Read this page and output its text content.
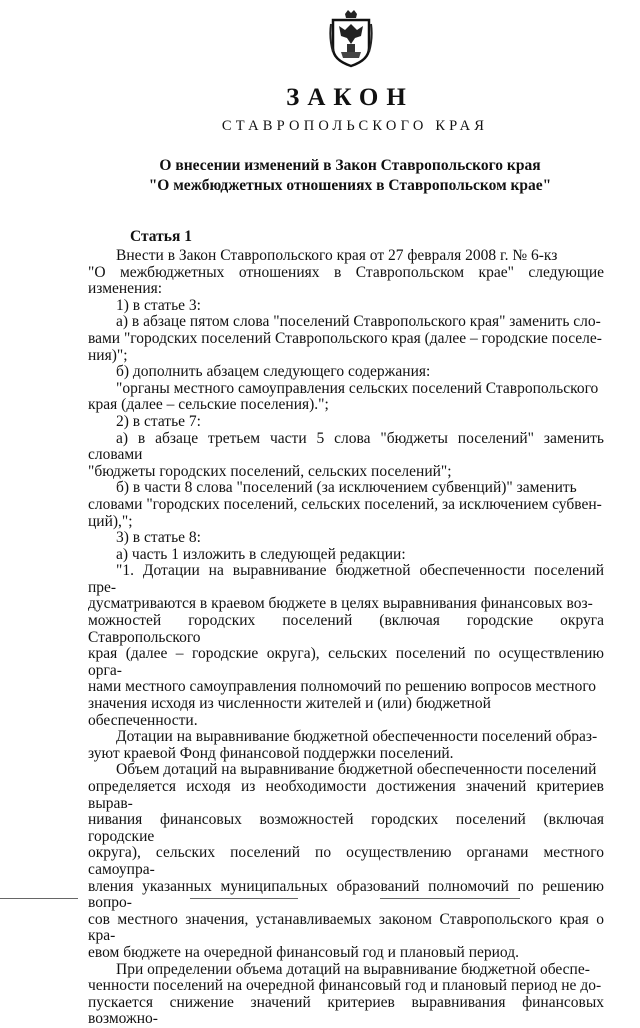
ЗАКОН
СТАВРОПОЛЬСКОГО КРАЯ
О внесении изменений в Закон Ставропольского края
"О межбюджетных отношениях в Ставропольском крае"
Статья 1

Внести в Закон Ставропольского края от 27 февраля 2008 г. № 6-кз

"О межбюджетных отношениях в Ставропольском крае" следующие изменения:

1) в статье 3:

а) в абзаце пятом слова "поселений Ставропольского края" заменить сло-

вами "городских поселений Ставропольского края (далее – городские поселе-

ния)";

б) дополнить абзацем следующего содержания:

"органы местного самоуправления сельских поселений Ставропольского

края (далее – сельские поселения).";

2) в статье 7:

а) в абзаце третьем части 5 слова "бюджеты поселений" заменить словами

"бюджеты городских поселений, сельских поселений";

б) в части 8 слова "поселений (за исключением субвенций)" заменить

словами "городских поселений, сельских поселений, за исключением субвен-

ций),";

3) в статье 8:

а) часть 1 изложить в следующей редакции:

"1. Дотации на выравнивание бюджетной обеспеченности поселений пре-

дусматриваются в краевом бюджете в целях выравнивания финансовых воз-

можностей городских поселений (включая городские округа Ставропольского

края (далее – городские округа), сельских поселений по осуществлению орга-

нами местного самоуправления полномочий по решению вопросов местного

значения исходя из численности жителей и (или) бюджетной обеспеченности.

Дотации на выравнивание бюджетной обеспеченности поселений образ-

зуют краевой Фонд финансовой поддержки поселений.

Объем дотаций на выравнивание бюджетной обеспеченности поселений

определяется исходя из необходимости достижения значений критериев вырав-

нивания финансовых возможностей городских поселений (включая городские

округа), сельских поселений по осуществлению органами местного самоупра-

вления указанных муниципальных образований полномочий по решению вопро-

сов местного значения, устанавливаемых законом Ставропольского края о кра-

евом бюджете на очередной финансовый год и плановый период.

При определении объема дотаций на выравнивание бюджетной обеспе-

ченности поселений на очередной финансовый год и плановый период не до-

пускается снижение значений критериев выравнивания финансовых возможно-
